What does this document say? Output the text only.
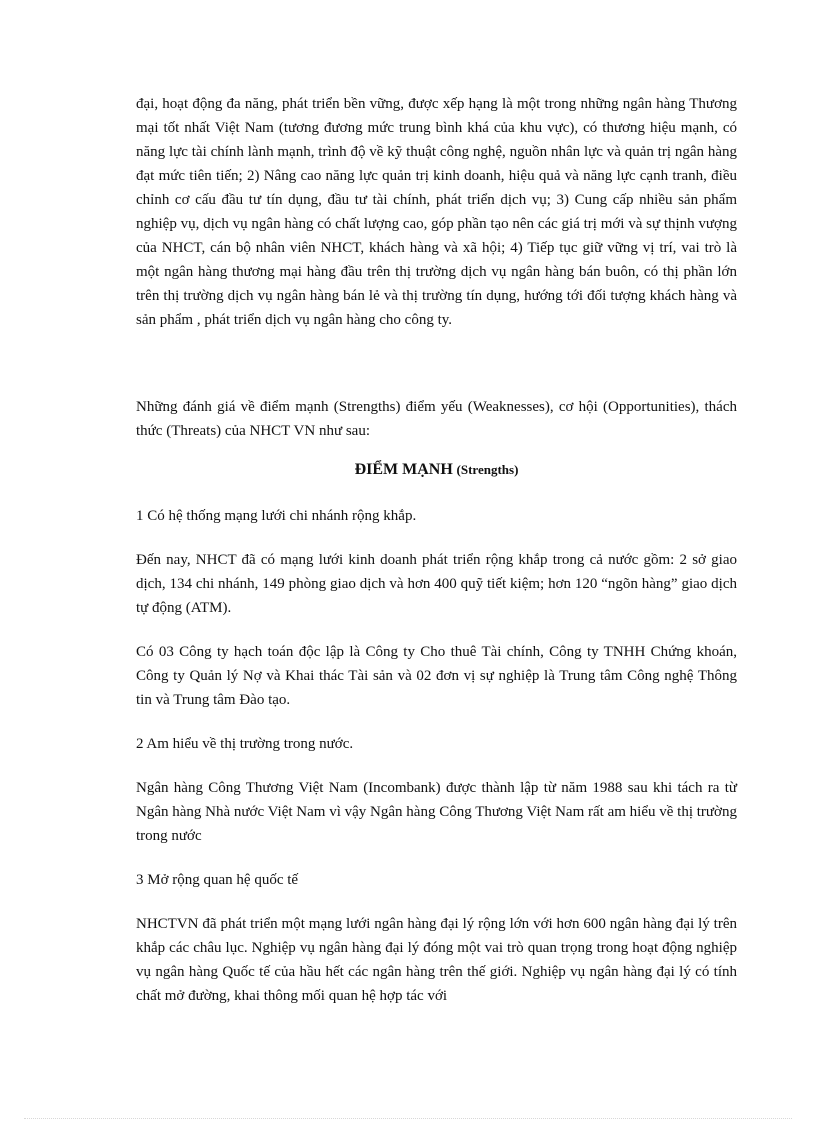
đại, hoạt động đa năng, phát triển bền vững, được xếp hạng là một trong những ngân hàng Thương mại tốt nhất Việt Nam (tương đương mức trung bình khá của khu vực), có thương hiệu mạnh, có năng lực tài chính lành mạnh, trình độ về kỹ thuật công nghệ, nguồn nhân lực và quản trị ngân hàng đạt mức tiên tiến; 2) Nâng cao năng lực quản trị kinh doanh, hiệu quả và năng lực cạnh tranh, điều chỉnh cơ cấu đầu tư tín dụng, đầu tư tài chính, phát triển dịch vụ; 3) Cung cấp nhiều sản phẩm nghiệp vụ, dịch vụ ngân hàng có chất lượng cao, góp phần tạo nên các giá trị mới và sự thịnh vượng của NHCT, cán bộ nhân viên NHCT, khách hàng và xã hội; 4) Tiếp tục giữ vững vị trí, vai trò là một ngân hàng thương mại hàng đầu trên thị trường dịch vụ ngân hàng bán buôn, có thị phần lớn trên thị trường dịch vụ ngân hàng bán lẻ và thị trường tín dụng, hướng tới đối tượng khách hàng và sản phẩm , phát triển dịch vụ ngân hàng cho công ty.

Những đánh giá về điểm mạnh (Strengths) điểm yếu (Weaknesses), cơ hội (Opportunities), thách thức (Threats) của NHCT VN như sau:

ĐIỂM MẠNH (Strengths)

1 Có hệ thống mạng lưới chi nhánh rộng khắp.

Đến nay, NHCT đã có mạng lưới kinh doanh phát triển rộng khắp trong cả nước gồm: 2 sở giao dịch, 134 chi nhánh, 149 phòng giao dịch và hơn 400 quỹ tiết kiệm; hơn 120 “ngõn hàng” giao dịch tự động (ATM).

Có 03 Công ty hạch toán độc lập là Công ty Cho thuê Tài chính, Công ty TNHH Chứng khoán, Công ty Quản lý Nợ và Khai thác Tài sản và 02 đơn vị sự nghiệp là Trung tâm Công nghệ Thông tin và Trung tâm Đào tạo.

2 Am hiểu về thị trường trong nước.

Ngân hàng Công Thương Việt Nam (Incombank) được thành lập từ năm 1988 sau khi tách ra từ Ngân hàng Nhà nước Việt Nam vì vậy Ngân hàng Công Thương Việt Nam rất am hiểu về thị trường trong nước

3 Mở rộng quan hệ quốc tế

NHCTVN đã phát triển một mạng lưới ngân hàng đại lý rộng lớn với hơn 600 ngân hàng đại lý trên khắp các châu lục. Nghiệp vụ ngân hàng đại lý đóng một vai trò quan trọng trong hoạt động nghiệp vụ ngân hàng Quốc tế của hầu hết các ngân hàng trên thế giới. Nghiệp vụ ngân hàng đại lý có tính chất mở đường, khai thông mối quan hệ hợp tác với
